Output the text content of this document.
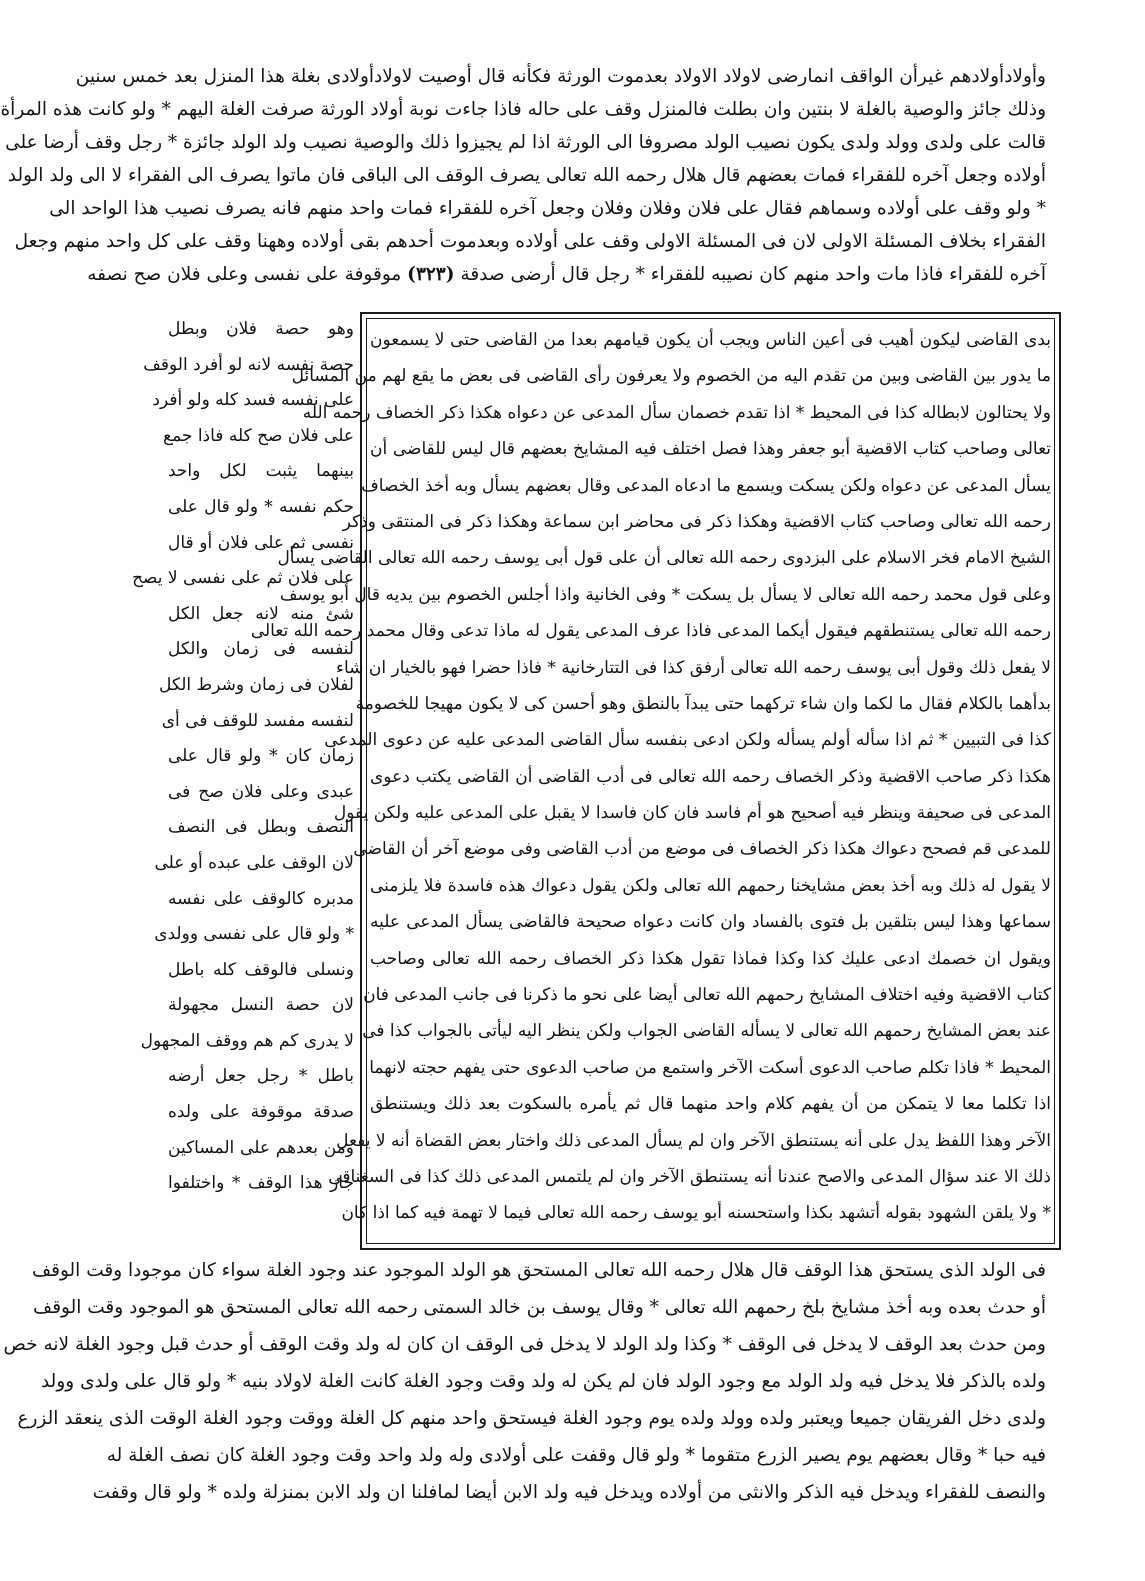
وأولادأولادهم غيرأن الواقف انمارضى لاولاد الاولاد بعدموت الورثة فكأنه قال أوصيت لاولادأولادى بغلة هذا المنزل بعد خمس سنين
وذلك جائز والوصية بالغلة لا بنتين وان بطلت فالمنزل وقف على حاله فاذا جاءت نوبة أولاد الورثة صرفت الغلة اليهم * ولو كانت هذه المرأة
قالت على ولدى وولد ولدى يكون نصيب الولد مصروفا الى الورثة اذا لم يجيزوا ذلك والوصية نصيب ولد الولد جائزة * رجل وقف أرضا على
أولاده وجعل آخره للفقراء فمات بعضهم قال هلال رحمه الله تعالى يصرف الوقف الى الباقى فان ماتوا يصرف الى الفقراء لا الى ولد الولد
* ولو وقف على أولاده وسماهم فقال على فلان وفلان وفلان وجعل آخره للفقراء فمات واحد منهم فانه يصرف نصيب هذا الواحد الى
الفقراء بخلاف المسئلة الاولى لان فى المسئلة الاولى وقف على أولاده وبعدموت أحدهم بقى أولاده وههنا وقف على كل واحد منهم وجعل
آخره للفقراء فاذا مات واحد منهم كان نصيبه للفقراء * رجل قال أرضى صدقة (٣٢٣) موقوفة على نفسى وعلى فلان صح نصفه
بدى القاضى ليكون أهيب فى أعين الناس ويجب أن يكون قيامهم بعدا من القاضى حتى لا يسمعون
ما يدور بين القاضى وبين من تقدم اليه من الخصوم ولا يعرفون رأى القاضى فى بعض ما يقع لهم من المسائل
ولا يحتالون لابطاله كذا فى المحيط * اذا تقدم خصمان سأل المدعى عن دعواه هكذا ذكر الخصاف رحمه الله
تعالى وصاحب كتاب الاقضية أبو جعفر وهذا فصل اختلف فيه المشايخ بعضهم قال ليس للقاضى أن
يسأل المدعى عن دعواه ولكن يسكت ويسمع ما ادعاه المدعى وقال بعضهم يسأل وبه أخذ الخصاف
رحمه الله تعالى وصاحب كتاب الاقضية وهكذا ذكر فى محاضر ابن سماعة وهكذا ذكر فى المنتقى وذكر
الشيخ الامام فخر الاسلام على البزدوى رحمه الله تعالى أن على قول أبى يوسف رحمه الله تعالى القاضى يسأل
وعلى قول محمد رحمه الله تعالى لا يسأل بل يسكت * وفى الخانية واذا أجلس الخصوم بين يديه قال أبو يوسف
رحمه الله تعالى يستنطقهم فيقول أيكما المدعى فاذا عرف المدعى يقول له ماذا تدعى وقال محمد رحمه الله تعالى
لا يفعل ذلك وقول أبى يوسف رحمه الله تعالى أرفق كذا فى التتارخانية * فاذا حضرا فهو بالخيار ان شاء
بدأهما بالكلام فقال ما لكما وان شاء تركهما حتى يبدآ بالنطق وهو أحسن كى لا يكون مهيجا للخصومة
كذا فى التبيين * ثم اذا سأله أولم يسأله ولكن ادعى بنفسه سأل القاضى المدعى عليه عن دعوى المدعى
هكذا ذكر صاحب الاقضية وذكر الخصاف رحمه الله تعالى فى أدب القاضى أن القاضى يكتب دعوى
المدعى فى صحيفة وينظر فيه أصحيح هو أم فاسد فان كان فاسدا لا يقبل على المدعى عليه ولكن يقول
للمدعى قم فصحح دعواك هكذا ذكر الخصاف فى موضع من أدب القاضى وفى موضع آخر أن القاضى
لا يقول له ذلك وبه أخذ بعض مشايخنا رحمهم الله تعالى ولكن يقول دعواك هذه فاسدة فلا يلزمنى
سماعها وهذا ليس بتلقين بل فتوى بالفساد وان كانت دعواه صحيحة فالقاضى يسأل المدعى عليه
ويقول ان خصمك ادعى عليك كذا وكذا فماذا تقول هكذا ذكر الخصاف رحمه الله تعالى وصاحب
كتاب الاقضية وفيه اختلاف المشايخ رحمهم الله تعالى أيضا على نحو ما ذكرنا فى جانب المدعى فان
عند بعض المشايخ رحمهم الله تعالى لا يسأله القاضى الجواب ولكن ينظر اليه ليأتى بالجواب كذا فى
المحيط * فاذا تكلم صاحب الدعوى أسكت الآخر واستمع من صاحب الدعوى حتى يفهم حجته لانهما
اذا تكلما معا لا يتمكن من أن يفهم كلام واحد منهما قال ثم يأمره بالسكوت بعد ذلك ويستنطق
الآخر وهذا اللفظ يدل على أنه يستنطق الآخر وان لم يسأل المدعى ذلك واختار بعض القضاة أنه لا يفعل
ذلك الا عند سؤال المدعى والاصح عندنا أنه يستنطق الآخر وان لم يلتمس المدعى ذلك كذا فى السغناقى
* ولا يلقن الشهود بقوله أتشهد بكذا واستحسنه أبو يوسف رحمه الله تعالى فيما لا تهمة فيه كما اذا كان
وهو حصة فلان وبطل
حصة نفسه لانه لو أفرد الوقف
على نفسه فسد كله ولو أفرد
على فلان صح كله فاذا جمع
بينهما يثبت لكل واحد
حكم نفسه * ولو قال على
نفسى ثم على فلان أو قال
على فلان ثم على نفسى لا يصح
شئ منه لانه جعل الكل
لنفسه فى زمان والكل
لفلان فى زمان وشرط الكل
لنفسه مفسد للوقف فى أى
زمان كان * ولو قال على
عبدى وعلى فلان صح فى
النصف وبطل فى النصف
لان الوقف على عبده أو على
مدبره كالوقف على نفسه
* ولو قال على نفسى وولدى
ونسلى فالوقف كله باطل
لان حصة النسل مجهولة
لا يدرى كم هم ووقف المجهول
باطل * رجل جعل أرضه
صدقة موقوفة على ولده
ومن بعدهم على المساكين
جاز هذا الوقف * واختلفوا
فى الولد الذى يستحق هذا الوقف قال هلال رحمه الله تعالى المستحق هو الولد الموجود عند وجود الغلة سواء كان موجودا وقت الوقف
أو حدث بعده وبه أخذ مشايخ بلخ رحمهم الله تعالى * وقال يوسف بن خالد السمتى رحمه الله تعالى المستحق هو الموجود وقت الوقف
ومن حدث بعد الوقف لا يدخل فى الوقف * وكذا ولد الولد لا يدخل فى الوقف ان كان له ولد وقت الوقف أو حدث قبل وجود الغلة لانه خص
ولده بالذكر فلا يدخل فيه ولد الولد مع وجود الولد فان لم يكن له ولد وقت وجود الغلة كانت الغلة لاولاد بنيه * ولو قال على ولدى وولد
ولدى دخل الفريقان جميعا ويعتبر ولده وولد ولده يوم وجود الغلة فيستحق واحد منهم كل الغلة ووقت وجود الغلة الوقت الذى ينعقد الزرع
فيه حبا * وقال بعضهم يوم يصير الزرع متقوما * ولو قال وقفت على أولادى وله ولد واحد وقت وجود الغلة كان نصف الغلة له
والنصف للفقراء ويدخل فيه الذكر والانثى من أولاده ويدخل فيه ولد الابن أيضا لمافلنا ان ولد الابن بمنزلة ولده * ولو قال وقفت
